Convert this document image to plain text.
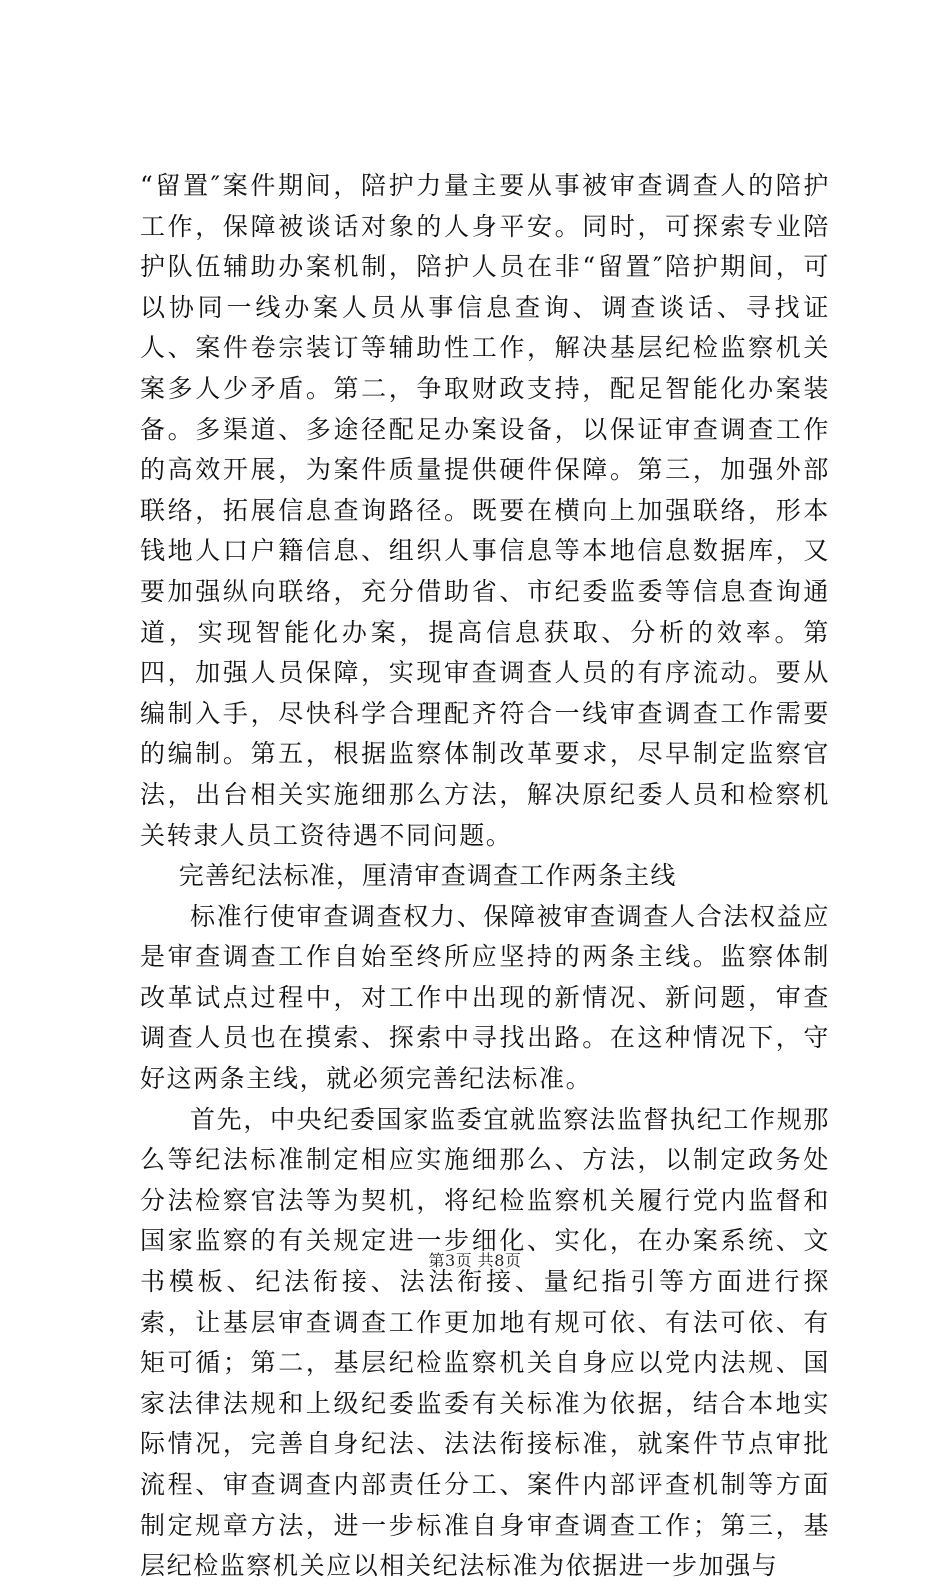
“留置″案件期间，陪护力量主要从事被审查调查人的陪护工作，保障被谈话对象的人身平安。同时，可探索专业陪护队伍辅助办案机制，陪护人员在非“留置″陪护期间，可以协同一线办案人员从事信息查询、调查谈话、寻找证人、案件卷宗装订等辅助性工作，解决基层纪检监察机关案多人少矛盾。第二，争取财政支持，配足智能化办案装备。多渠道、多途径配足办案设备，以保证审查调查工作的高效开展，为案件质量提供硬件保障。第三，加强外部联络，拓展信息查询路径。既要在横向上加强联络，形本钱地人口户籍信息、组织人事信息等本地信息数据库，又要加强纵向联络，充分借助省、市纪委监委等信息查询通道，实现智能化办案，提高信息获取、分析的效率。第四，加强人员保障，实现审查调查人员的有序流动。要从编制入手，尽快科学合理配齐符合一线审查调查工作需要的编制。第五，根据监察体制改革要求，尽早制定监察官法，出台相关实施细那么方法，解决原纪委人员和检察机关转隶人员工资待遇不同问题。

完善纪法标准，厘清审查调查工作两条主线

标准行使审查调查权力、保障被审查调查人合法权益应是审查调查工作自始至终所应坚持的两条主线。监察体制改革试点过程中，对工作中出现的新情况、新问题，审查调查人员也在摸索、探索中寻找出路。在这种情况下，守好这两条主线，就必须完善纪法标准。

首先，中央纪委国家监委宜就监察法监督执纪工作规那么等纪法标准制定相应实施细那么、方法，以制定政务处分法检察官法等为契机，将纪检监察机关履行党内监督和国家监察的有关规定进一步细化、实化，在办案系统、文书模板、纪法衔接、法法衔接、量纪指引等方面进行探索，让基层审查调查工作更加地有规可依、有法可依、有矩可循；第二，基层纪检监察机关自身应以党内法规、国家法律法规和上级纪委监委有关标准为依据，结合本地实际情况，完善自身纪法、法法衔接标准，就案件节点审批流程、审查调查内部责任分工、案件内部评查机制等方面制定规章方法，进一步标准自身审查调查工作；第三，基层纪检监察机关应以相关纪法标准为依据进一步加强与

第3页 共8页
